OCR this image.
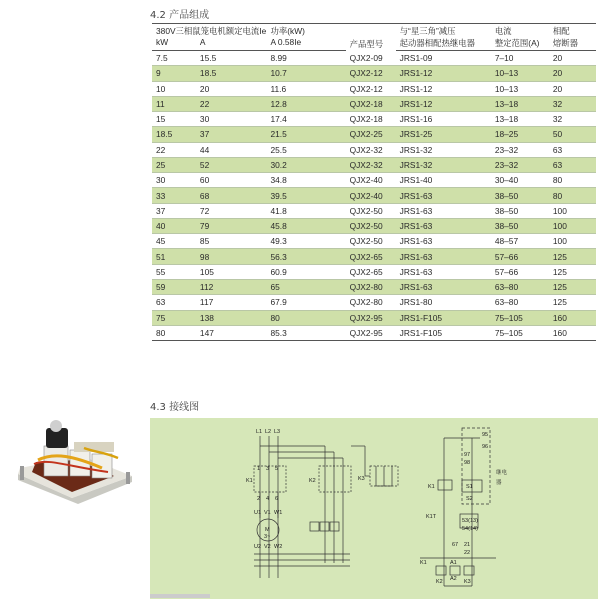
4.2 产品组成
380V三相鼠笼电机额定电流Ie		功率(kW)	产品型号	与“星三角”减压	电流	相配
kW	A	A 0.58Ie		起动器相配热继电器	整定范围(A)	熔断器
7.5	15.5	8.99	QJX2-09	JRS1-09	7–10	20
9	18.5	10.7	QJX2-12	JRS1-12	10–13	20
10	20	11.6	QJX2-12	JRS1-12	10–13	20
11	22	12.8	QJX2-18	JRS1-12	13–18	32
15	30	17.4	QJX2-18	JRS1-16	13–18	32
18.5	37	21.5	QJX2-25	JRS1-25	18–25	50
22	44	25.5	QJX2-32	JRS1-32	23–32	63
25	52	30.2	QJX2-32	JRS1-32	23–32	63
30	60	34.8	QJX2-40	JRS1-40	30–40	80
33	68	39.5	QJX2-40	JRS1-63	38–50	80
37	72	41.8	QJX2-50	JRS1-63	38–50	100
40	79	45.8	QJX2-50	JRS1-63	38–50	100
45	85	49.3	QJX2-50	JRS1-63	48–57	100
51	98	56.3	QJX2-65	JRS1-63	57–66	125
55	105	60.9	QJX2-65	JRS1-63	57–66	125
59	112	65	QJX2-80	JRS1-63	63–80	125
63	117	67.9	QJX2-80	JRS1-80	63–80	125
75	138	80	QJX2-95	JRS1-F105	75–105	160
80	147	85.3	QJX2-95	JRS1-F105	75–105	160
4.3 接线图
L1 L2 L3
K1	K2	K3
1 3 5
2 4 6
M
3~
U1 V1 W1
U2 V2 W2
95
96
97
98
S1
S2
K1
K1T
53(13)
54(14)
67 21
22
K1
K2	K3
A1
A2
继电
器
